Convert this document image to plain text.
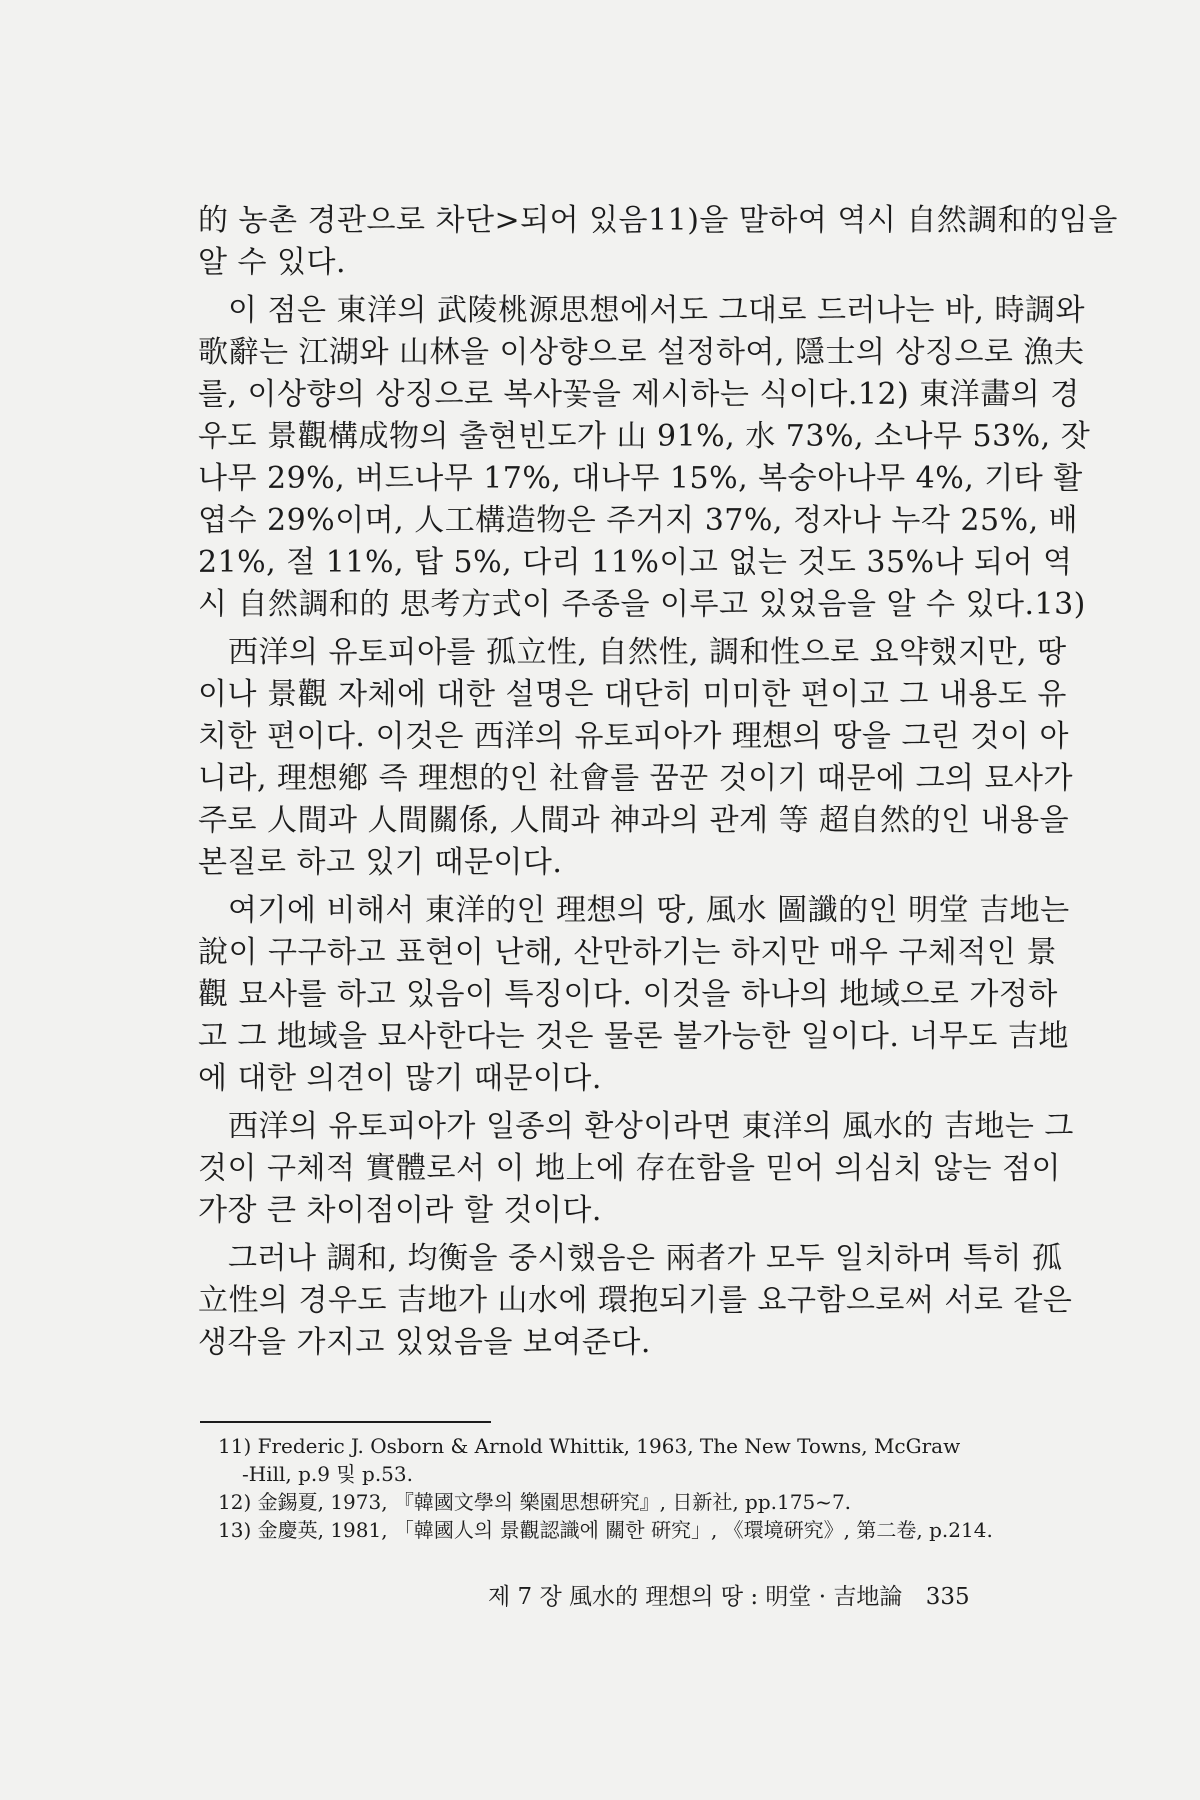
的 농촌 경관으로 차단>되어 있음11)을 말하여 역시 自然調和的임을
알 수 있다.
이 점은 東洋의 武陵桃源思想에서도 그대로 드러나는 바, 時調와
歌辭는 江湖와 山林을 이상향으로 설정하여, 隱士의 상징으로 漁夫
를, 이상향의 상징으로 복사꽃을 제시하는 식이다.12) 東洋畵의 경
우도 景觀構成物의 출현빈도가 山 91%, 水 73%, 소나무 53%, 잣
나무 29%, 버드나무 17%, 대나무 15%, 복숭아나무 4%, 기타 활
엽수 29%이며, 人工構造物은 주거지 37%, 정자나 누각 25%, 배
21%, 절 11%, 탑 5%, 다리 11%이고 없는 것도 35%나 되어 역
시 自然調和的 思考方式이 주종을 이루고 있었음을 알 수 있다.13)
西洋의 유토피아를 孤立性, 自然性, 調和性으로 요약했지만, 땅
이나 景觀 자체에 대한 설명은 대단히 미미한 편이고 그 내용도 유
치한 편이다. 이것은 西洋의 유토피아가 理想의 땅을 그린 것이 아
니라, 理想鄕 즉 理想的인 社會를 꿈꾼 것이기 때문에 그의 묘사가
주로 人間과 人間關係, 人間과 神과의 관계 等 超自然的인 내용을
본질로 하고 있기 때문이다.
여기에 비해서 東洋的인 理想의 땅, 風水 圖讖的인 明堂 吉地는
說이 구구하고 표현이 난해, 산만하기는 하지만 매우 구체적인 景
觀 묘사를 하고 있음이 특징이다. 이것을 하나의 地域으로 가정하
고 그 地域을 묘사한다는 것은 물론 불가능한 일이다. 너무도 吉地
에 대한 의견이 많기 때문이다.
西洋의 유토피아가 일종의 환상이라면 東洋의 風水的 吉地는 그
것이 구체적 實體로서 이 地上에 存在함을 믿어 의심치 않는 점이
가장 큰 차이점이라 할 것이다.
그러나 調和, 均衡을 중시했음은 兩者가 모두 일치하며 특히 孤
立性의 경우도 吉地가 山水에 環抱되기를 요구함으로써 서로 같은
생각을 가지고 있었음을 보여준다.
11) Frederic J. Osborn & Arnold Whittik, 1963, The New Towns, McGraw
-Hill, p.9 및 p.53.
12) 金錫夏, 1973, 『韓國文學의 樂園思想硏究』, 日新社, pp.175~7.
13) 金慶英, 1981, 「韓國人의 景觀認識에 關한 硏究」, 《環境硏究》, 第二卷, p.214.
제 7 장 風水的 理想의 땅 : 明堂 · 吉地論 335
